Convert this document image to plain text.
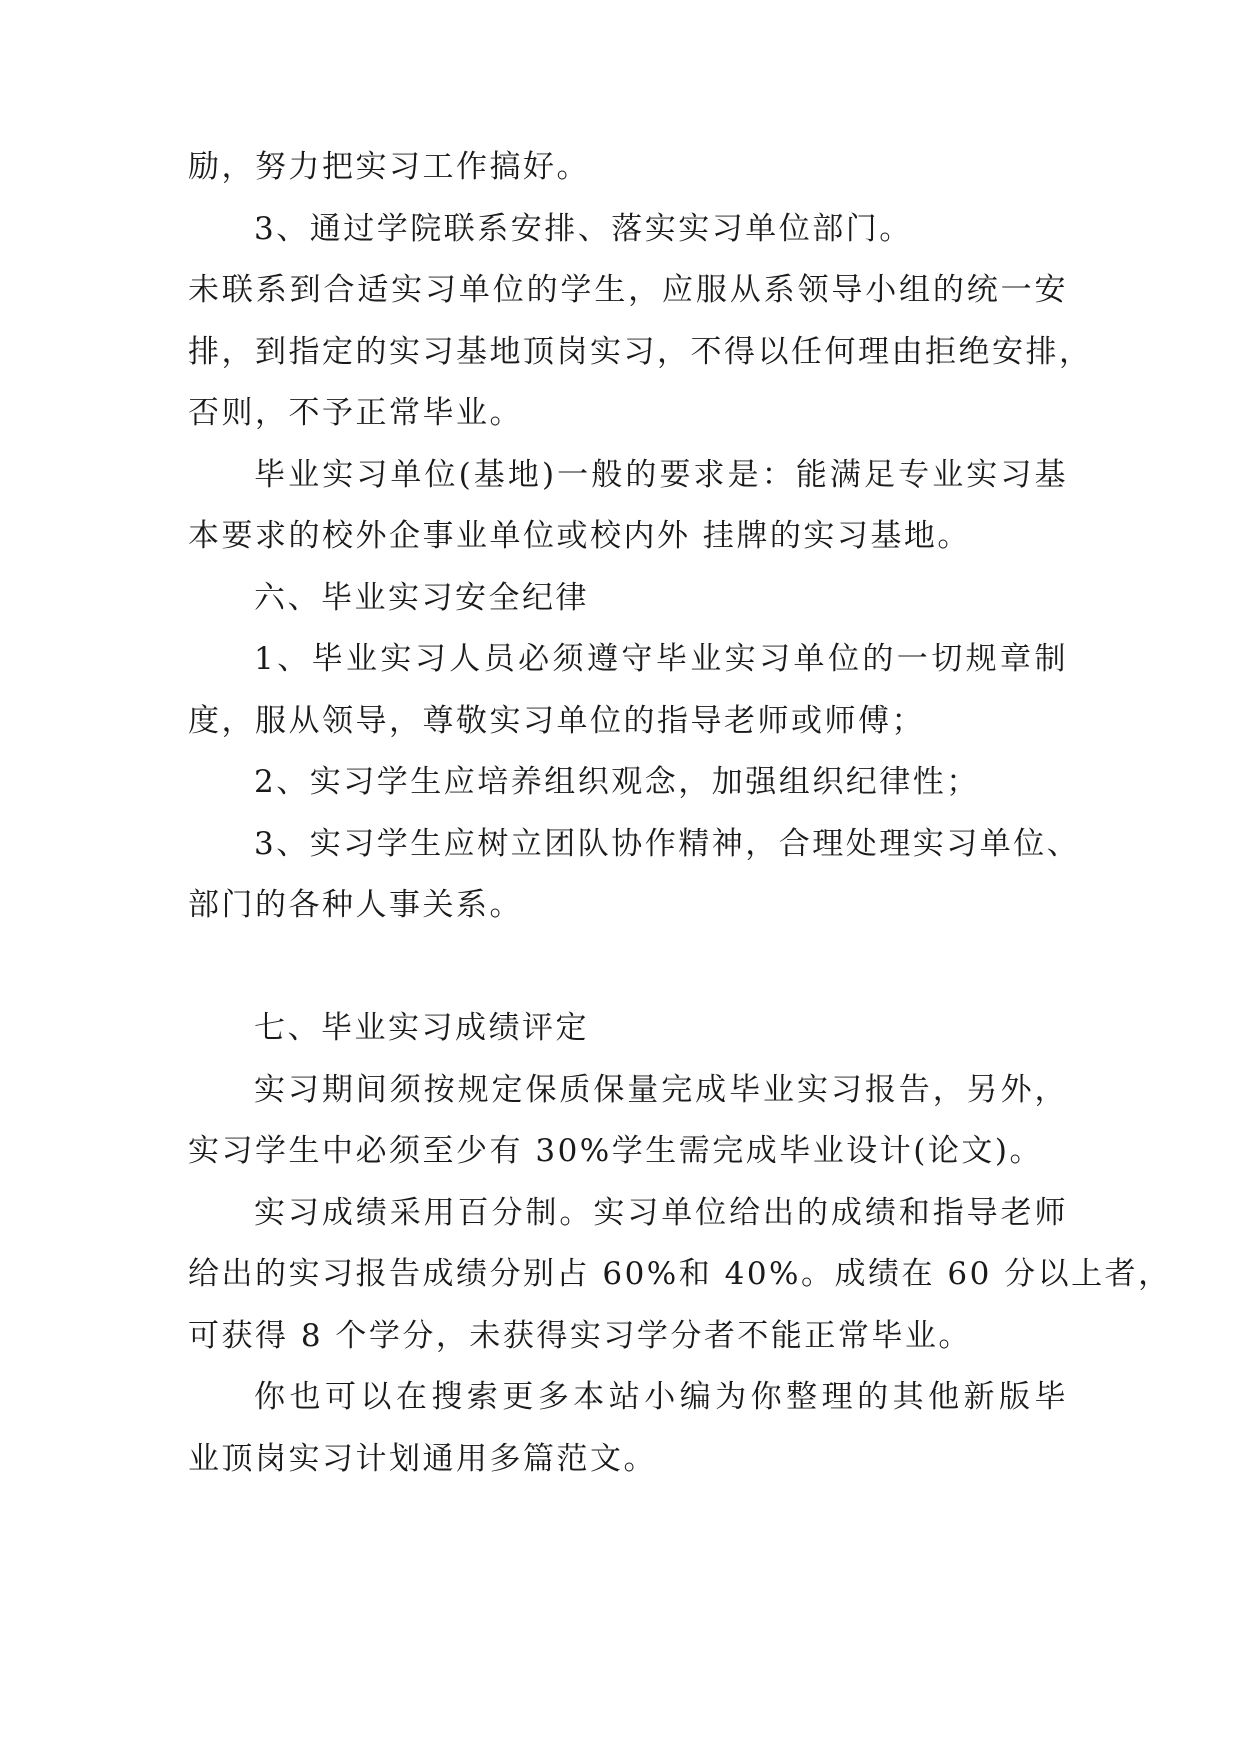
励，努力把实习工作搞好。
3、通过学院联系安排、落实实习单位部门。
未联系到合适实习单位的学生，应服从系领导小组的统一安
排，到指定的实习基地顶岗实习，不得以任何理由拒绝安排，
否则，不予正常毕业。
毕业实习单位(基地)一般的要求是：能满足专业实习基
本要求的校外企事业单位或校内外 挂牌的实习基地。
六、毕业实习安全纪律
1、毕业实习人员必须遵守毕业实习单位的一切规章制
度，服从领导，尊敬实习单位的指导老师或师傅；
2、实习学生应培养组织观念，加强组织纪律性；
3、实习学生应树立团队协作精神，合理处理实习单位、
部门的各种人事关系。
七、毕业实习成绩评定
实习期间须按规定保质保量完成毕业实习报告，另外，
实习学生中必须至少有 30%学生需完成毕业设计(论文)。
实习成绩采用百分制。实习单位给出的成绩和指导老师
给出的实习报告成绩分别占 60%和 40%。成绩在 60 分以上者，
可获得 8 个学分，未获得实习学分者不能正常毕业。
你也可以在搜索更多本站小编为你整理的其他新版毕
业顶岗实习计划通用多篇范文。
